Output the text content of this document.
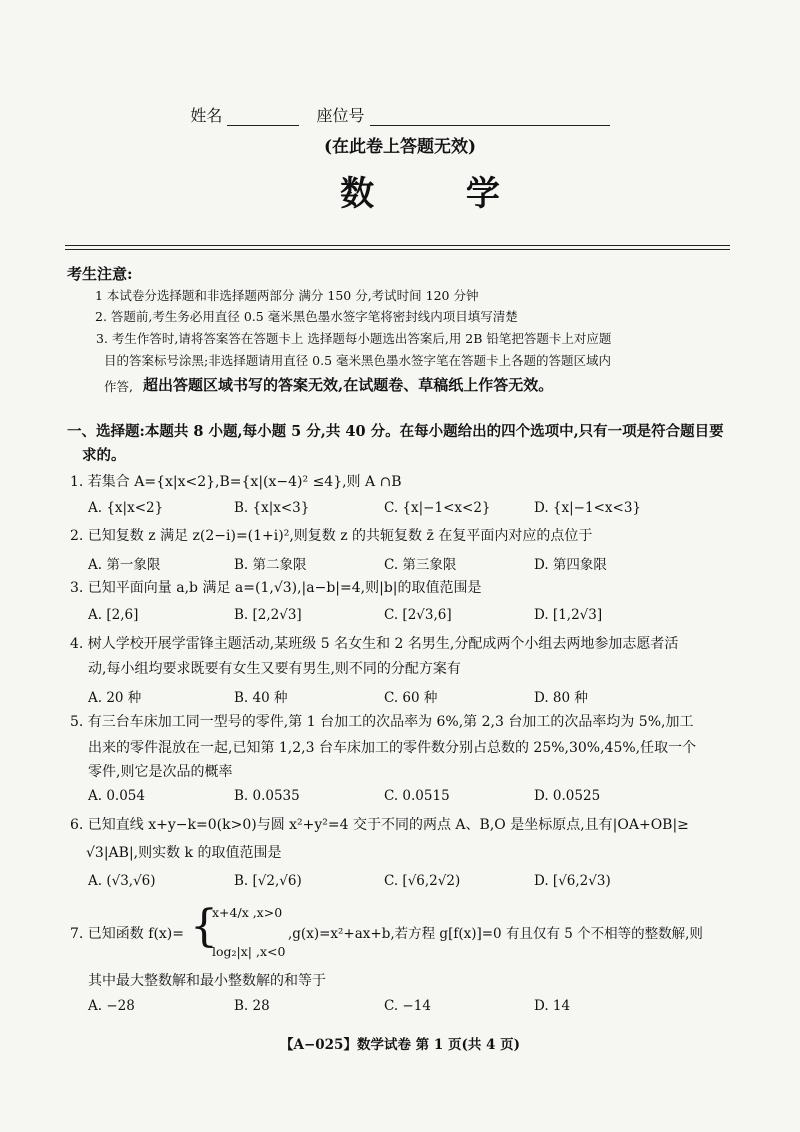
姓名	座位号
(在此卷上答题无效)
数 学
考生注意:
1 本试卷分选择题和非选择题两部分 满分 150 分,考试时间 120 分钟
2. 答题前,考生务必用直径 0.5 毫米黑色墨水签字笔将密封线内项目填写清楚
3. 考生作答时,请将答案答在答题卡上 选择题每小题选出答案后,用 2B 铅笔把答题卡上对应题
目的答案标号涂黑;非选择题请用直径 0.5 毫米黑色墨水签字笔在答题卡上各题的答题区域内
作答, 超出答题区域书写的答案无效,在试题卷、草稿纸上作答无效。
一、选择题:本题共 8 小题,每小题 5 分,共 40 分。在每小题给出的四个选项中,只有一项是符合题目要
求的。
1. 若集合 A={x|x<2},B={x|(x−4)² ≤4},则 A ∩B
A. {x|x<2}	B. {x|x<3}	C. {x|−1<x<2}	D. {x|−1<x<3}
2. 已知复数 z 满足 z(2−i)=(1+i)²,则复数 z 的共轭复数 z̄ 在复平面内对应的点位于
A. 第一象限	B. 第二象限	C. 第三象限	D. 第四象限
3. 已知平面向量 a,b 满足 a=(1,√3),|a−b|=4,则|b|的取值范围是
A. [2,6]	B. [2,2√3]	C. [2√3,6]	D. [1,2√3]
4. 树人学校开展学雷锋主题活动,某班级 5 名女生和 2 名男生,分配成两个小组去两地参加志愿者活
动,每小组均要求既要有女生又要有男生,则不同的分配方案有
A. 20 种	B. 40 种	C. 60 种	D. 80 种
5. 有三台车床加工同一型号的零件,第 1 台加工的次品率为 6%,第 2,3 台加工的次品率均为 5%,加工
出来的零件混放在一起,已知第 1,2,3 台车床加工的零件数分别占总数的 25%,30%,45%,任取一个
零件,则它是次品的概率
A. 0.054	B. 0.0535	C. 0.0515	D. 0.0525
6. 已知直线 x+y−k=0(k>0)与圆 x²+y²=4 交于不同的两点 A、B,O 是坐标原点,且有|OA+OB|≥
√3|AB|,则实数 k 的取值范围是
A. (√3,√6)	B. [√2,√6)	C. [√6,2√2)	D. [√6,2√3)
7. 已知函数 f(x)= {
x+4/x ,x>0
log₂|x| ,x<0
,g(x)=x²+ax+b,若方程 g[f(x)]=0 有且仅有 5 个不相等的整数解,则
其中最大整数解和最小整数解的和等于
A. −28	B. 28	C. −14	D. 14
【A−025】数学试卷 第 1 页(共 4 页)
